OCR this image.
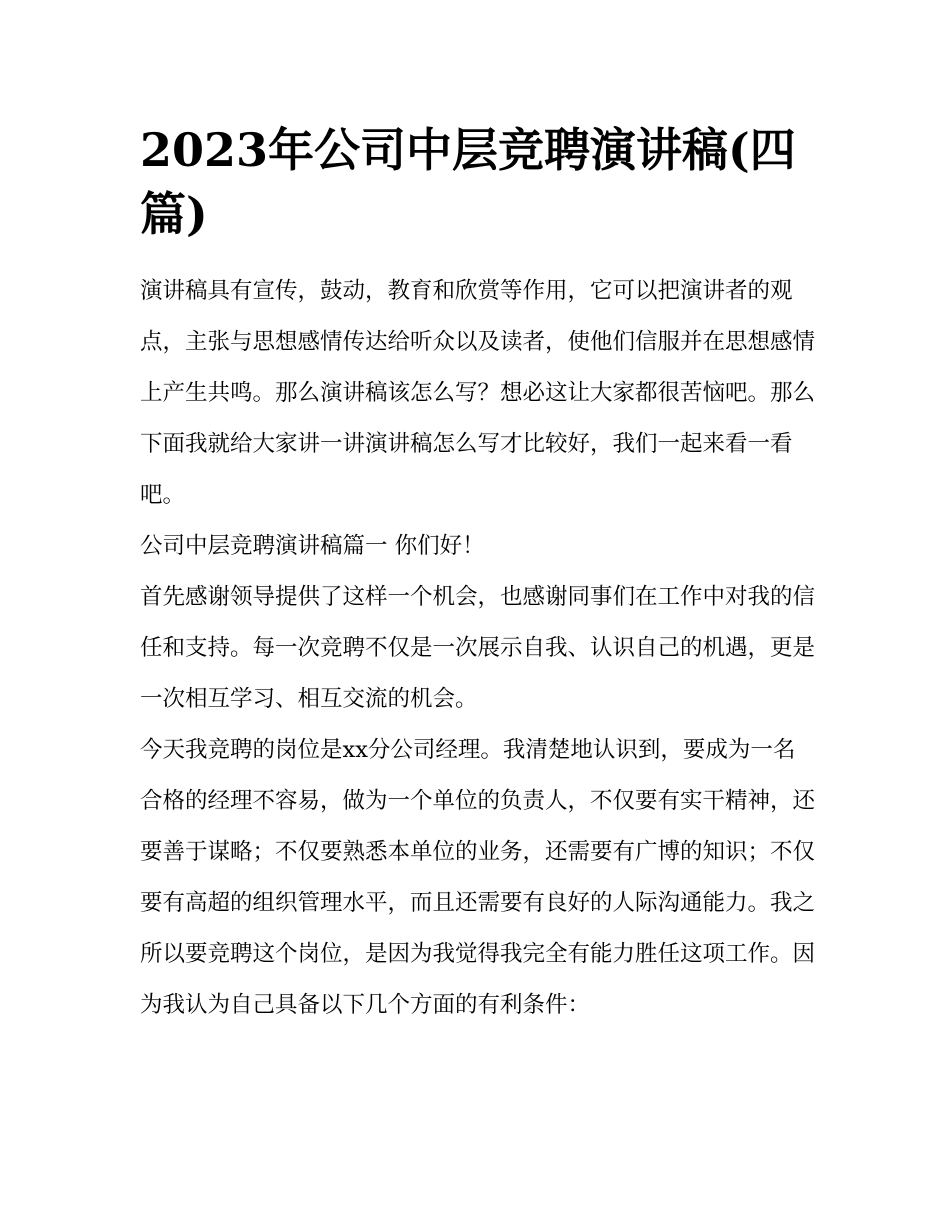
2023年公司中层竞聘演讲稿(四篇)

演讲稿具有宣传，鼓动，教育和欣赏等作用，它可以把演讲者的观点，主张与思想感情传达给听众以及读者，使他们信服并在思想感情上产生共鸣。那么演讲稿该怎么写？想必这让大家都很苦恼吧。那么下面我就给大家讲一讲演讲稿怎么写才比较好，我们一起来看一看吧。

公司中层竞聘演讲稿篇一 你们好！

首先感谢领导提供了这样一个机会，也感谢同事们在工作中对我的信任和支持。每一次竞聘不仅是一次展示自我、认识自己的机遇，更是一次相互学习、相互交流的机会。

今天我竞聘的岗位是xx分公司经理。我清楚地认识到，要成为一名合格的经理不容易，做为一个单位的负责人，不仅要有实干精神，还要善于谋略；不仅要熟悉本单位的业务，还需要有广博的知识；不仅要有高超的组织管理水平，而且还需要有良好的人际沟通能力。我之所以要竞聘这个岗位，是因为我觉得我完全有能力胜任这项工作。因为我认为自己具备以下几个方面的有利条件：
